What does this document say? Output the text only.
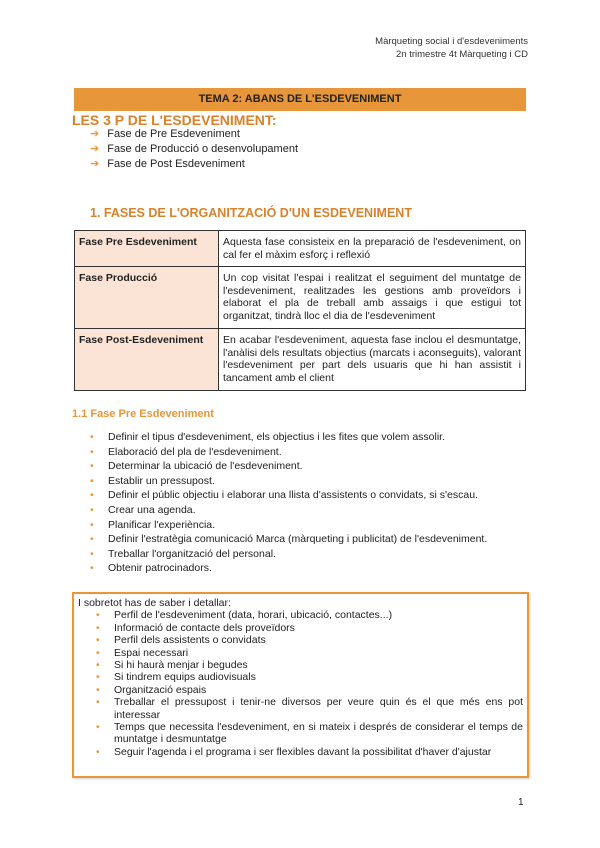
Màrqueting social i d'esdeveniments
2n trimestre 4t Màrqueting i CD
TEMA 2: ABANS DE L'ESDEVENIMENT
LES 3 P DE L'ESDEVENIMENT:
➔ Fase de Pre Esdeveniment
➔ Fase de Producció o desenvolupament
➔ Fase de Post Esdeveniment
1. FASES DE L'ORGANITZACIÓ D'UN ESDEVENIMENT
Fase Pre Esdeveniment	Aquesta fase consisteix en la preparació de l'esdeveniment, on cal fer el màxim esforç i reflexió
Fase Producció	Un cop visitat l'espai i realitzat el seguiment del muntatge de l'esdeveniment, realitzades les gestions amb proveïdors i elaborat el pla de treball amb assaigs i que estigui tot organitzat, tindrà lloc el dia de l'esdeveniment
Fase Post-Esdeveniment	En acabar l'esdeveniment, aquesta fase inclou el desmuntatge, l'anàlisi dels resultats objectius (marcats i aconseguits), valorant l'esdeveniment per part dels usuaris que hi han assistit i tancament amb el client
1.1 Fase Pre Esdeveniment
• Definir el tipus d'esdeveniment, els objectius i les fites que volem assolir.
• Elaboració del pla de l'esdeveniment.
• Determinar la ubicació de l'esdeveniment.
• Establir un pressupost.
• Definir el públic objectiu i elaborar una llista d'assistents o convidats, si s'escau.
• Crear una agenda.
• Planificar l'experiència.
• Definir l'estratègia comunicació Marca (màrqueting i publicitat) de l'esdeveniment.
• Treballar l'organització del personal.
• Obtenir patrocinadors.
I sobretot has de saber i detallar:
• Perfil de l'esdeveniment (data, horari, ubicació, contactes...)
• Informació de contacte dels proveïdors
• Perfil dels assistents o convidats
• Espai necessari
• Si hi haurà menjar i begudes
• Si tindrem equips audiovisuals
• Organització espais
• Treballar el pressupost i tenir-ne diversos per veure quin és el que més ens pot interessar
• Temps que necessita l'esdeveniment, en si mateix i després de considerar el temps de muntatge i desmuntatge
• Seguir l'agenda i el programa i ser flexibles davant la possibilitat d'haver d'ajustar
1
